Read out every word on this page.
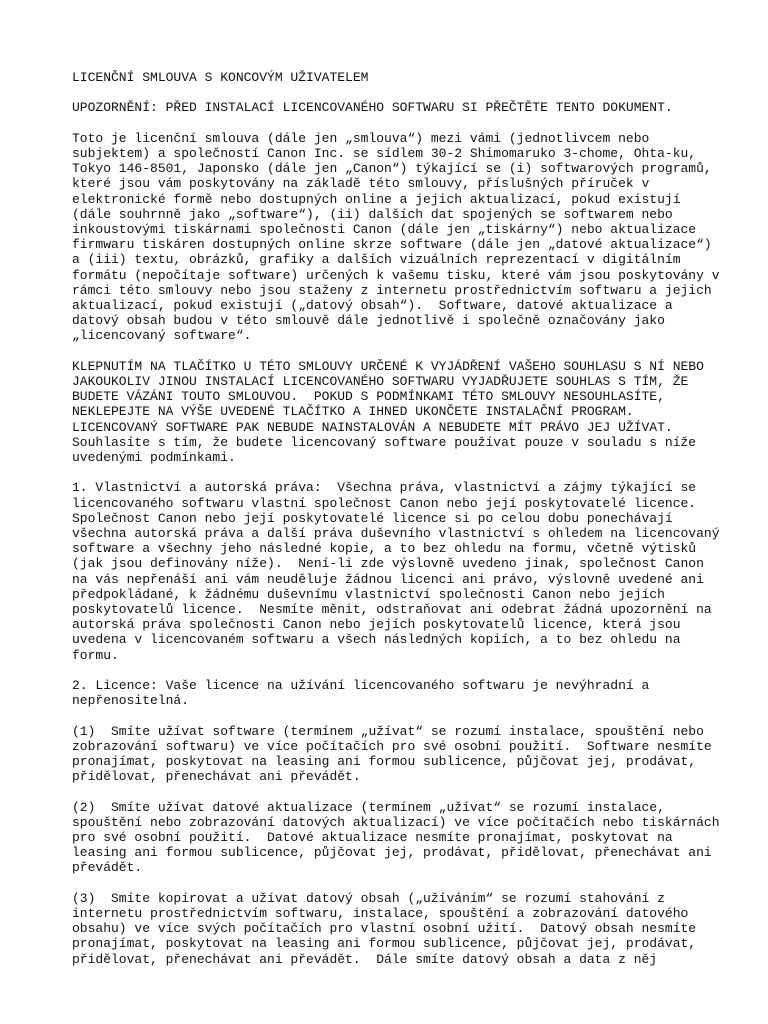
LICENČNÍ SMLOUVA S KONCOVÝM UŽIVATELEM
UPOZORNĚNÍ: PŘED INSTALACÍ LICENCOVANÉHO SOFTWARU SI PŘEČTĚTE TENTO DOKUMENT.
Toto je licenční smlouva (dále jen „smlouva“) mezi vámi (jednotlivcem nebo
subjektem) a společností Canon Inc. se sídlem 30-2 Shimomaruko 3-chome, Ohta-ku,
Tokyo 146-8501, Japonsko (dále jen „Canon“) týkající se (i) softwarových programů,
které jsou vám poskytovány na základě této smlouvy, příslušných příruček v
elektronické formě nebo dostupných online a jejich aktualizací, pokud existují
(dále souhrnně jako „software“), (ii) dalších dat spojených se softwarem nebo
inkoustovými tiskárnami společnosti Canon (dále jen „tiskárny“) nebo aktualizace
firmwaru tiskáren dostupných online skrze software (dále jen „datové aktualizace“)
a (iii) textu, obrázků, grafiky a dalších vizuálních reprezentací v digitálním
formátu (nepočítaje software) určených k vašemu tisku, které vám jsou poskytovány v
rámci této smlouvy nebo jsou staženy z internetu prostřednictvím softwaru a jejich
aktualizací, pokud existují („datový obsah“).  Software, datové aktualizace a
datový obsah budou v této smlouvě dále jednotlivě i společně označovány jako
„licencovaný software“.
KLEPNUTÍM NA TLAČÍTKO U TÉTO SMLOUVY URČENÉ K VYJÁDŘENÍ VAŠEHO SOUHLASU S NÍ NEBO
JAKOUKOLIV JINOU INSTALACÍ LICENCOVANÉHO SOFTWARU VYJADŘUJETE SOUHLAS S TÍM, ŽE
BUDETE VÁZÁNI TOUTO SMLOUVOU.  POKUD S PODMÍNKAMI TÉTO SMLOUVY NESOUHLASÍTE,
NEKLEPEJTE NA VÝŠE UVEDENÉ TLAČÍTKO A IHNED UKONČETE INSTALAČNÍ PROGRAM.
LICENCOVANÝ SOFTWARE PAK NEBUDE NAINSTALOVÁN A NEBUDETE MÍT PRÁVO JEJ UŽÍVAT.
Souhlasíte s tím, že budete licencovaný software používat pouze v souladu s níže
uvedenými podmínkami.
1. Vlastnictví a autorská práva:  Všechna práva, vlastnictví a zájmy týkající se
licencovaného softwaru vlastní společnost Canon nebo její poskytovatelé licence.
Společnost Canon nebo její poskytovatelé licence si po celou dobu ponechávají
všechna autorská práva a další práva duševního vlastnictví s ohledem na licencovaný
software a všechny jeho následné kopie, a to bez ohledu na formu, včetně výtisků
(jak jsou definovány níže).  Není-li zde výslovně uvedeno jinak, společnost Canon
na vás nepřenáší ani vám neuděluje žádnou licenci ani právo, výslovně uvedené ani
předpokládané, k žádnému duševnímu vlastnictví společnosti Canon nebo jejích
poskytovatelů licence.  Nesmíte měnit, odstraňovat ani odebrat žádná upozornění na
autorská práva společnosti Canon nebo jejích poskytovatelů licence, která jsou
uvedena v licencovaném softwaru a všech následných kopiích, a to bez ohledu na
formu.
2. Licence: Vaše licence na užívání licencovaného softwaru je nevýhradní a
nepřenositelná.
(1)  Smíte užívat software (termínem „užívat“ se rozumí instalace, spouštění nebo
zobrazování softwaru) ve více počítačích pro své osobní použití.  Software nesmíte
pronajímat, poskytovat na leasing ani formou sublicence, půjčovat jej, prodávat,
přidělovat, přenechávat ani převádět.
(2)  Smíte užívat datové aktualizace (termínem „užívat“ se rozumí instalace,
spouštění nebo zobrazování datových aktualizací) ve více počítačích nebo tiskárnách
pro své osobní použití.  Datové aktualizace nesmíte pronajímat, poskytovat na
leasing ani formou sublicence, půjčovat jej, prodávat, přidělovat, přenechávat ani
převádět.
(3)  Smíte kopírovat a užívat datový obsah („užíváním“ se rozumí stahování z
internetu prostřednictvím softwaru, instalace, spouštění a zobrazování datového
obsahu) ve více svých počítačích pro vlastní osobní užití.  Datový obsah nesmíte
pronajímat, poskytovat na leasing ani formou sublicence, půjčovat jej, prodávat,
přidělovat, přenechávat ani převádět.  Dále smíte datový obsah a data z něj
